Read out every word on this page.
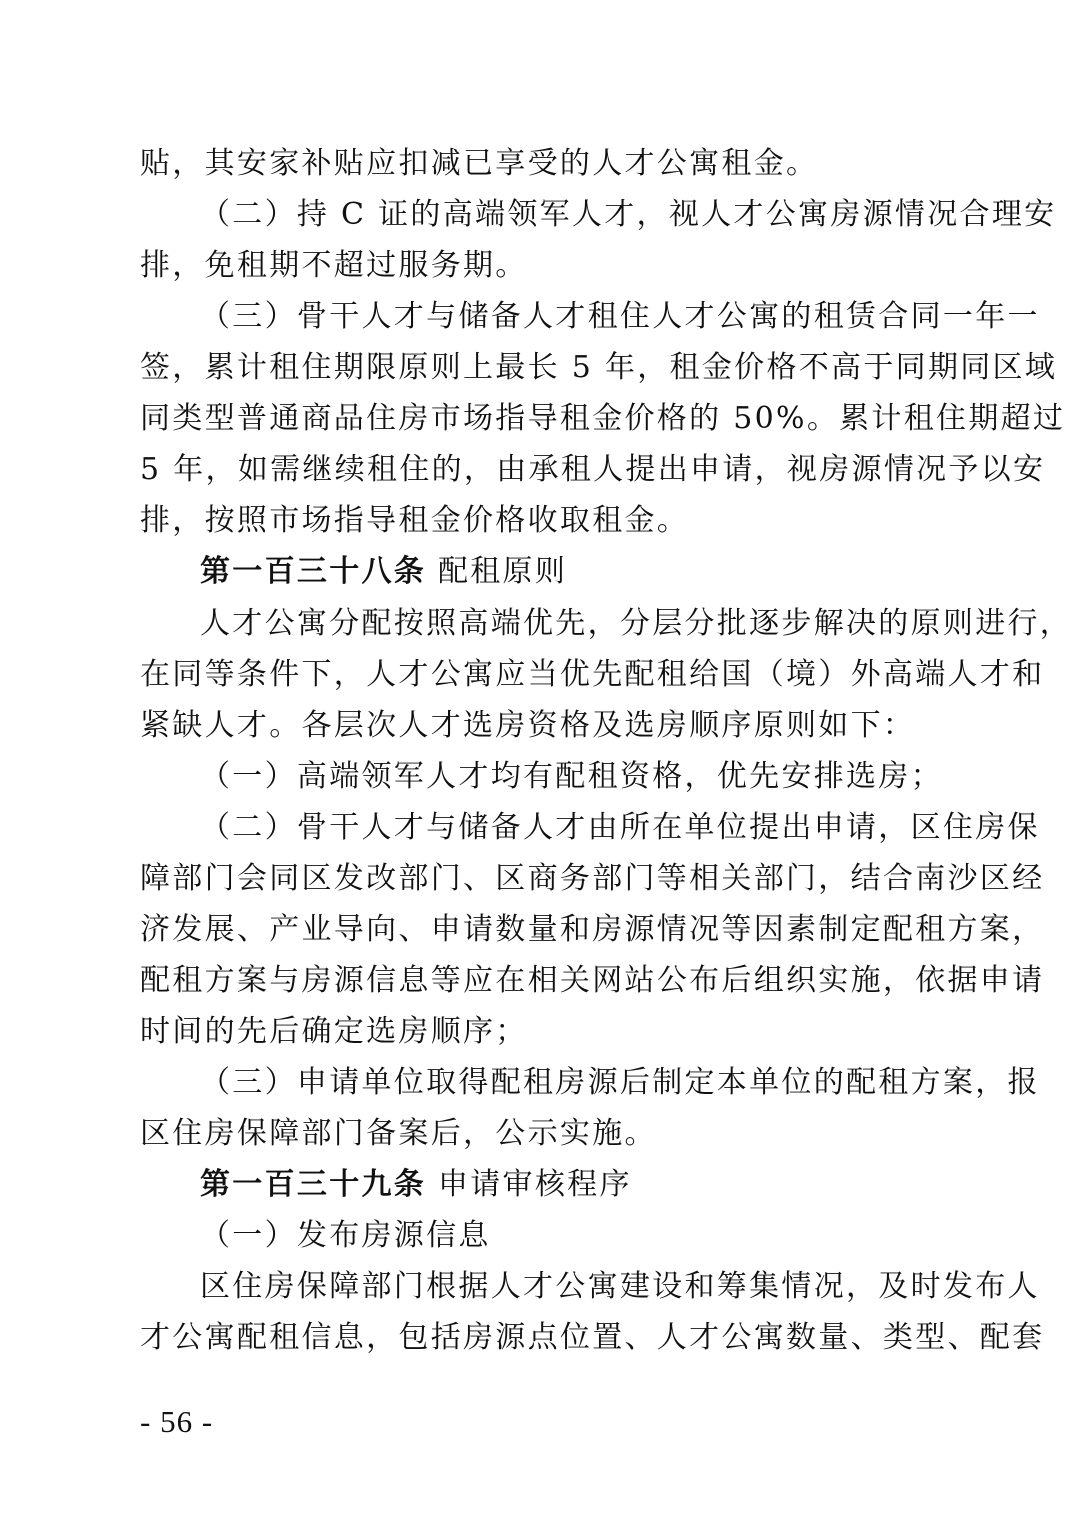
贴，其安家补贴应扣减已享受的人才公寓租金。
（二）持 C 证的高端领军人才，视人才公寓房源情况合理安
排，免租期不超过服务期。
（三）骨干人才与储备人才租住人才公寓的租赁合同一年一
签，累计租住期限原则上最长 5 年，租金价格不高于同期同区域
同类型普通商品住房市场指导租金价格的 50%。累计租住期超过
5 年，如需继续租住的，由承租人提出申请，视房源情况予以安
排，按照市场指导租金价格收取租金。
第一百三十八条 配租原则
人才公寓分配按照高端优先，分层分批逐步解决的原则进行，
在同等条件下，人才公寓应当优先配租给国（境）外高端人才和
紧缺人才。各层次人才选房资格及选房顺序原则如下：
（一）高端领军人才均有配租资格，优先安排选房；
（二）骨干人才与储备人才由所在单位提出申请，区住房保
障部门会同区发改部门、区商务部门等相关部门，结合南沙区经
济发展、产业导向、申请数量和房源情况等因素制定配租方案，
配租方案与房源信息等应在相关网站公布后组织实施，依据申请
时间的先后确定选房顺序；
（三）申请单位取得配租房源后制定本单位的配租方案，报
区住房保障部门备案后，公示实施。
第一百三十九条 申请审核程序
（一）发布房源信息
区住房保障部门根据人才公寓建设和筹集情况，及时发布人
才公寓配租信息，包括房源点位置、人才公寓数量、类型、配套
- 56 -
